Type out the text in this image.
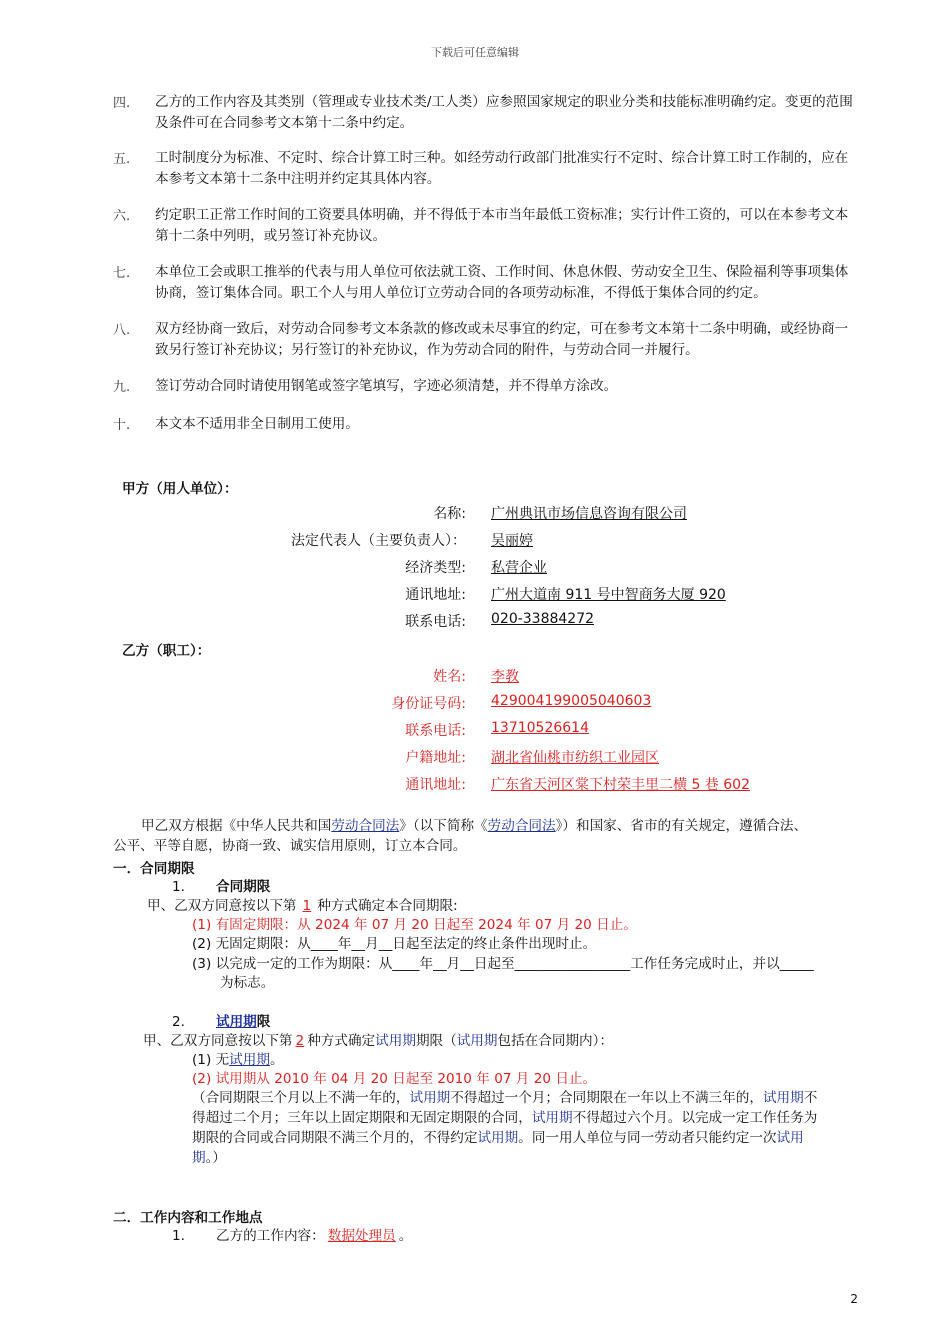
下载后可任意编辑
四.	乙方的工作内容及其类别（管理或专业技术类/工人类）应参照国家规定的职业分类和技能标准明确约定。变更的范围及条件可在合同参考文本第十二条中约定。
五.	工时制度分为标准、不定时、综合计算工时三种。如经劳动行政部门批准实行不定时、综合计算工时工作制的，应在本参考文本第十二条中注明并约定其具体内容。
六.	约定职工正常工作时间的工资要具体明确，并不得低于本市当年最低工资标准；实行计件工资的，可以在本参考文本第十二条中列明，或另签订补充协议。
七.	本单位工会或职工推举的代表与用人单位可依法就工资、工作时间、休息休假、劳动安全卫生、保险福利等事项集体协商，签订集体合同。职工个人与用人单位订立劳动合同的各项劳动标准，不得低于集体合同的约定。
八.	双方经协商一致后，对劳动合同参考文本条款的修改或未尽事宜的约定，可在参考文本第十二条中明确，或经协商一致另行签订补充协议；另行签订的补充协议，作为劳动合同的附件，与劳动合同一并履行。
九.	签订劳动合同时请使用钢笔或签字笔填写，字迹必须清楚，并不得单方涂改。
十.	本文本不适用非全日制用工使用。
甲方（用人单位）：
名称: 广州典讯市场信息咨询有限公司
法定代表人（主要负责人）： 吴丽婷
经济类型: 私营企业
通讯地址: 广州大道南 911 号中智商务大厦 920
联系电话: 020-33884272
乙方（职工）：
姓名: 李教
身份证号码: 429004199005040603
联系电话: 13710526614
户籍地址: 湖北省仙桃市纺织工业园区
通讯地址: 广东省天河区棠下村荣丰里二横 5 巷 602
甲乙双方根据《中华人民共和国劳动合同法》（以下简称《劳动合同法》）和国家、省市的有关规定，遵循合法、
公平、平等自愿，协商一致、诚实信用原则，订立本合同。
一．合同期限
1． 合同期限
甲、乙双方同意按以下第 1 种方式确定本合同期限:
(1) 有固定期限：从 2024 年 07 月 20 日起至 2024 年 07 月 20 日止。
(2) 无固定期限：从____年__月__日起至法定的终止条件出现时止。
(3) 以完成一定的工作为期限：从____年__月__日起至_________________工作任务完成时止，并以_____
为标志。
2． 试用期限
甲、乙双方同意按以下第 2 种方式确定试用期期限（试用期包括在合同期内）：
(1) 无试用期。
(2) 试用期从 2010 年 04 月 20 日起至 2010 年 07 月 20 日止。
（合同期限三个月以上不满一年的，试用期不得超过一个月；合同期限在一年以上不满三年的，试用期不
得超过二个月；三年以上固定期限和无固定期限的合同，试用期不得超过六个月。以完成一定工作任务为
期限的合同或合同期限不满三个月的，不得约定试用期。同一用人单位与同一劳动者只能约定一次试用
期。）
二．工作内容和工作地点
1． 乙方的工作内容： 数据处理员 。
2
